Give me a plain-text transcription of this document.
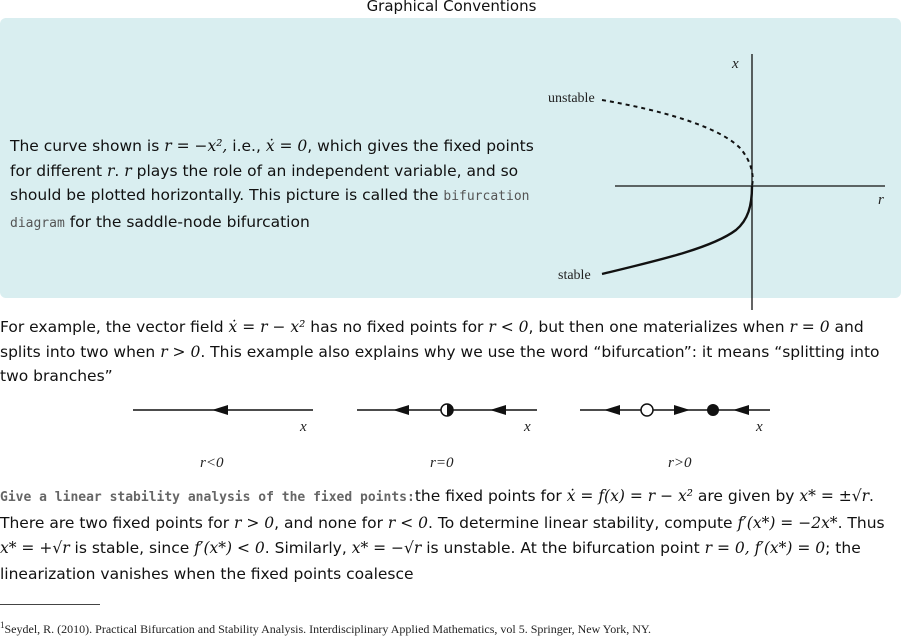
Graphical Conventions
The curve shown is r = −x², i.e., ẋ = 0, which gives the fixed points for different r. r plays the role of an independent variable, and so should be plotted horizontally. This picture is called the bifurcation diagram for the saddle-node bifurcation
x
r
unstable
stable
For example, the vector field ẋ = r − x² has no fixed points for r < 0, but then one materializes when r = 0 and splits into two when r > 0. This example also explains why we use the word “bifurcation”: it means “splitting into two branches”
x
r<0
x
r=0
x
r>0
Give a linear stability analysis of the fixed points:the fixed points for ẋ = f(x) = r − x² are given by x* = ±√r. There are two fixed points for r > 0, and none for r < 0. To determine linear stability, compute f′(x*) = −2x*. Thus x* = +√r is stable, since f′(x*) < 0. Similarly, x* = −√r is unstable. At the bifurcation point r = 0, f′(x*) = 0; the linearization vanishes when the fixed points coalesce
$^1$Seydel, R. (2010). Practical Bifurcation and Stability Analysis. Interdisciplinary Applied Mathematics, vol 5. Springer, New York, NY.
